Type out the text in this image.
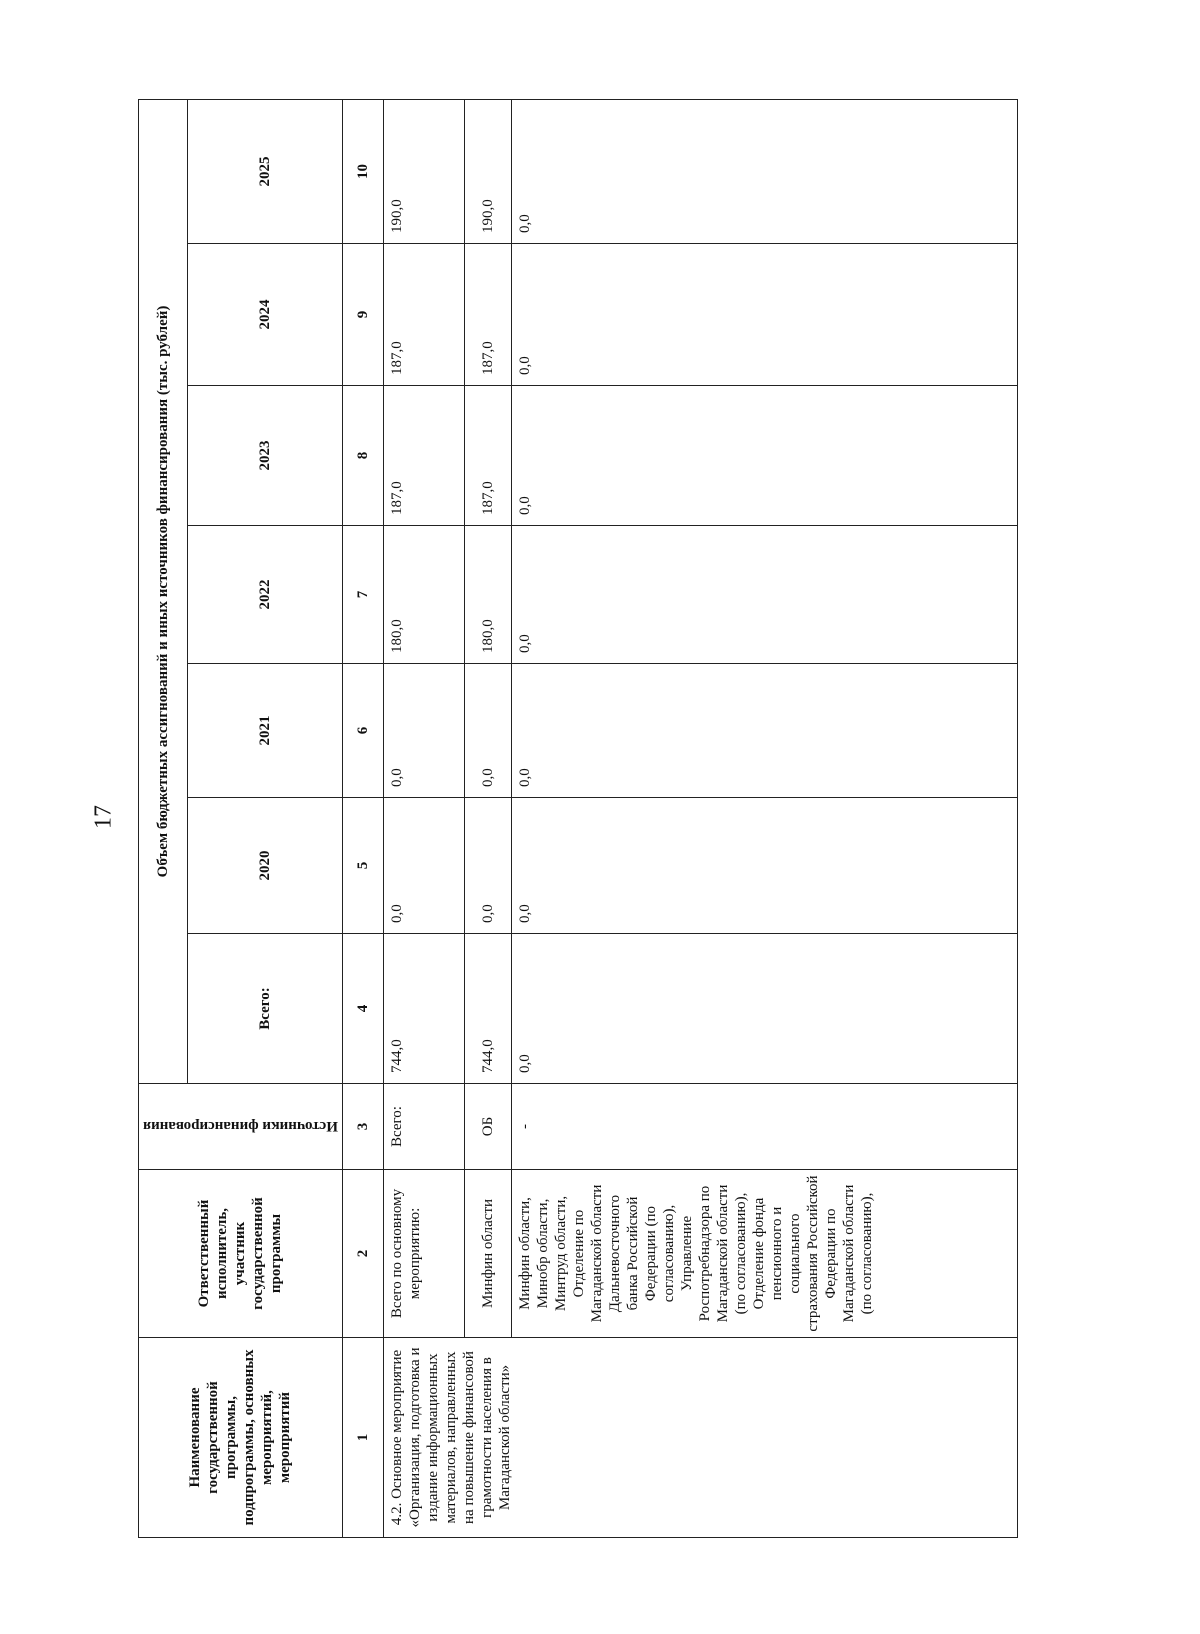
17
Наименование государственной программы, подпрограммы, основных мероприятий, мероприятий	Ответственный исполнитель, участник государственной программы	Источники финансирования	Объем бюджетных ассигнований и иных источников финансирования (тыс. рублей)						
			Всего:	2020	2021	2022	2023	2024	2025
1	2	3	4	5	6	7	8	9	10
4.2. Основное мероприятие «Организация, подготовка и издание информационных материалов, направленных на повышение финансовой грамотности населения в Магаданской области»	Всего по основному мероприятию:	Всего:	744,0	0,0	0,0	180,0	187,0	187,0	190,0
	Минфин области	ОБ	744,0	0,0	0,0	180,0	187,0	187,0	190,0
	Минфин области, Минобр области, Минтруд области, Отделение по Магаданской области Дальневосточного банка Российской Федерации (по согласованию), Управление Роспотребнадзора по Магаданской области (по согласованию), Отделение фонда пенсионного и социального страхования Российской Федерации по Магаданской области (по согласованию),	-	0,0	0,0	0,0	0,0	0,0	0,0	0,0
